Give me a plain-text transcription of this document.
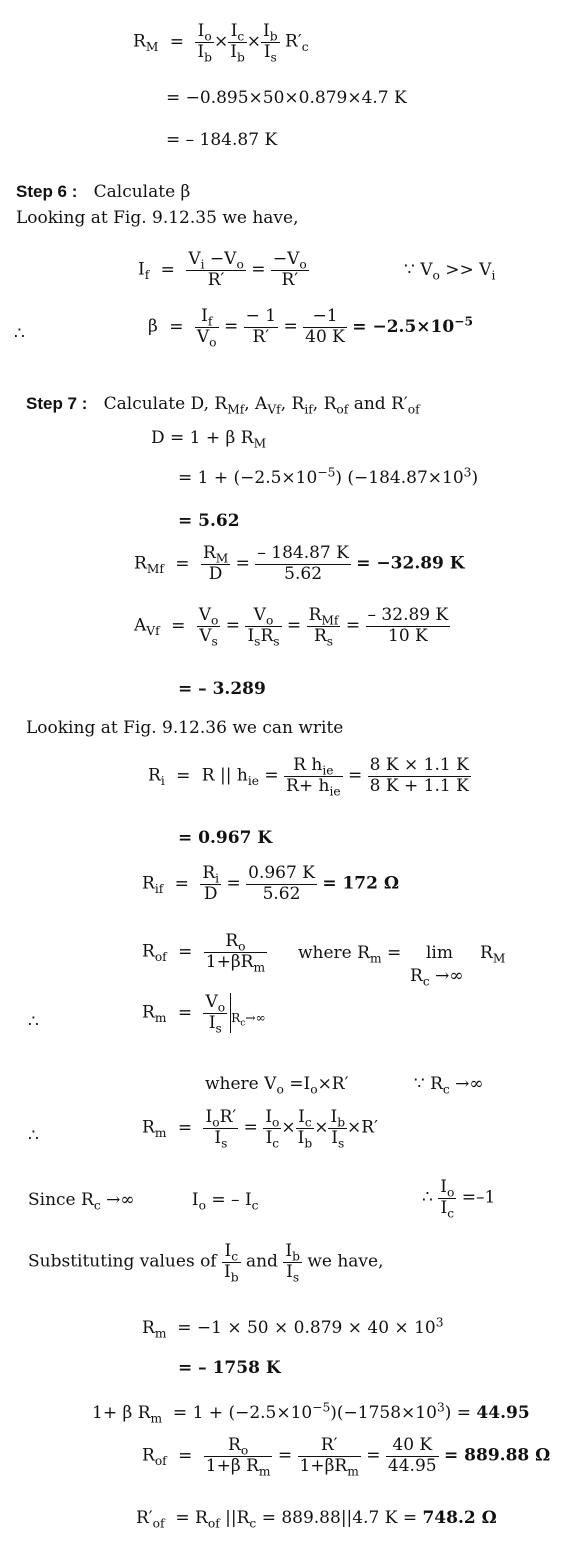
$R_M = \frac{I_o}{I_b} \times \frac{I_c}{I_b} \times \frac{I_b}{I_s} R'_c$
= −0.895×50×0.879×4.7 K
= – 184.87 K
Step 6 : Calculate β
Looking at Fig. 9.12.35 we have,
$I_f = \frac{V_i -V_o}{R'} = \frac{-V_o}{R'}$	∵ $V_o >> V_i$
∴	$\beta = \frac{I_f}{V_o} = \frac{- 1}{R'} = \frac{-1}{40 K} = -2.5\times 10^{-5}$
Step 7 : Calculate D, $R_{Mf}$, $A_{Vf}$, $R_{if}$, $R_{of}$ and $R'_{of}$
D = 1 + β $R_M$
= $1 + (-2.5\times 10^{-5})$ $(-184.87\times 10^3)$
= 5.62
$R_{Mf} = \frac{R_M}{D} = \frac{- 184.87 K}{5.62} = -32.89$ K
$A_{Vf} = \frac{V_o}{V_s}$ =
$V_o$
$I_sR_s$
=
$R_{Mf}$
$R_s$
= $\frac{- 32.89 K}{10 K}$
= – 3.289
Looking at Fig. 9.12.36 we can write
$R_i = R$ || $h_{ie}$ =
R $h_{ie}$
$R+ h_{ie}$
= $\frac{8 K \times 1.1 K}{8 K + 1.1 K}$
= 0.967 K
$R_{if} = \frac{R_i}{D} = \frac{0.967 K}{5.62} = 172$ Ω
$R_{of}$ =
$R_o$
$1+\beta R_m$
where $R_m$ =	lim     $R_M$
$R_c$ →∞
∴	$R_m = \frac{V_o}{I_s} _{R_c\to\infty}$
where $V_o =I_o\times R'$	∵ $R_c$ →∞
∴	$R_m$ =
$I_oR'$
$I_s$
= $\frac{I_o}{I_c} \times \frac{I_c}{I_b} \times \frac{I_b}{I_s} \times R'$
Since $R_c$ →∞	$I_o$ = – $I_c$	∴ $\frac{I_o}{I_c} =-1$
Substituting values of $\frac{I_c}{I_b}$ and $\frac{I_b}{I_s}$ we have,
$R_m = -1 \times 50 \times 0.879 \times 40 \times 10^3$
= – 1758 K
1+ β $R_m = 1 + (-2.5\times 10^{-5})(-1758\times 10^3) = 44.95$
$R_{of} = \frac{R_o}{1+\beta R_m}$ =
R′
$1+\beta R_m$
= $\frac{40 K}{44.95} = 889.88$ Ω
$R'_{of} = R_{of}$ $||R_c = 889.88||4.7$ K = 748.2 Ω
